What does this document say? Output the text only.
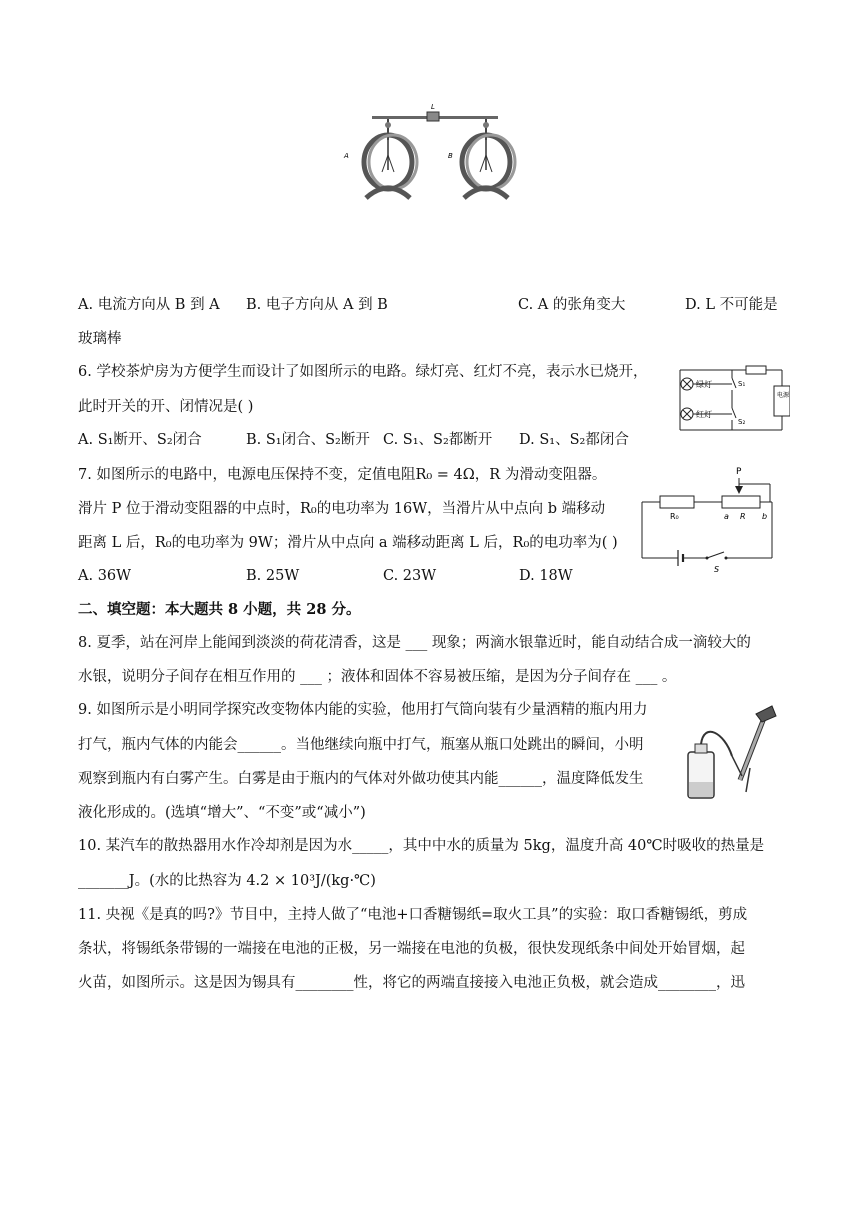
L
A	B
A. 电流方向从 B 到 A B. 电子方向从 A 到 B	C. A 的张角变大	D. L 不可能是
玻璃棒
6. 学校茶炉房为方便学生而设计了如图所示的电路。绿灯亮、红灯不亮，表示水已烧开，
此时开关的开、闭情况是( )
A. S₁断开、S₂闭合	B. S₁闭合、S₂断开 C. S₁、S₂都断开 D. S₁、S₂都闭合
电源
绿灯	S₁
红灯
S₂
7. 如图所示的电路中，电源电压保持不变，定值电阻R₀ = 4Ω，R 为滑动变阻器。
滑片 P 位于滑动变阻器的中点时，R₀的电功率为 16W，当滑片从中点向 b 端移动
距离 L 后，R₀的电功率为 9W；滑片从中点向 a 端移动距离 L 后，R₀的电功率为( )
A. 36W	B. 25W	C. 23W	D. 18W
P
R₀	a R b
S
二、填空题：本大题共 8 小题，共 28 分。
8. 夏季，站在河岸上能闻到淡淡的荷花清香，这是 ___ 现象；两滴水银靠近时，能自动结合成一滴较大的
水银，说明分子间存在相互作用的 ___ ；液体和固体不容易被压缩，是因为分子间存在 ___ 。
9. 如图所示是小明同学探究改变物体内能的实验，他用打气筒向装有少量酒精的瓶内用力
打气，瓶内气体的内能会______。当他继续向瓶中打气，瓶塞从瓶口处跳出的瞬间，小明
观察到瓶内有白雾产生。白雾是由于瓶内的气体对外做功使其内能______，温度降低发生
液化形成的。(选填“增大”、“不变”或“减小”)
10. 某汽车的散热器用水作冷却剂是因为水_____，其中中水的质量为 5kg，温度升高 40℃时吸收的热量是
_______J。(水的比热容为 4.2 × 10³J/(kg·℃)
11. 央视《是真的吗?》节目中，主持人做了“电池+口香糖锡纸=取火工具”的实验：取口香糖锡纸，剪成
条状，将锡纸条带锡的一端接在电池的正极，另一端接在电池的负极，很快发现纸条中间处开始冒烟，起
火苗，如图所示。这是因为锡具有________性，将它的两端直接接入电池正负极，就会造成________，迅
